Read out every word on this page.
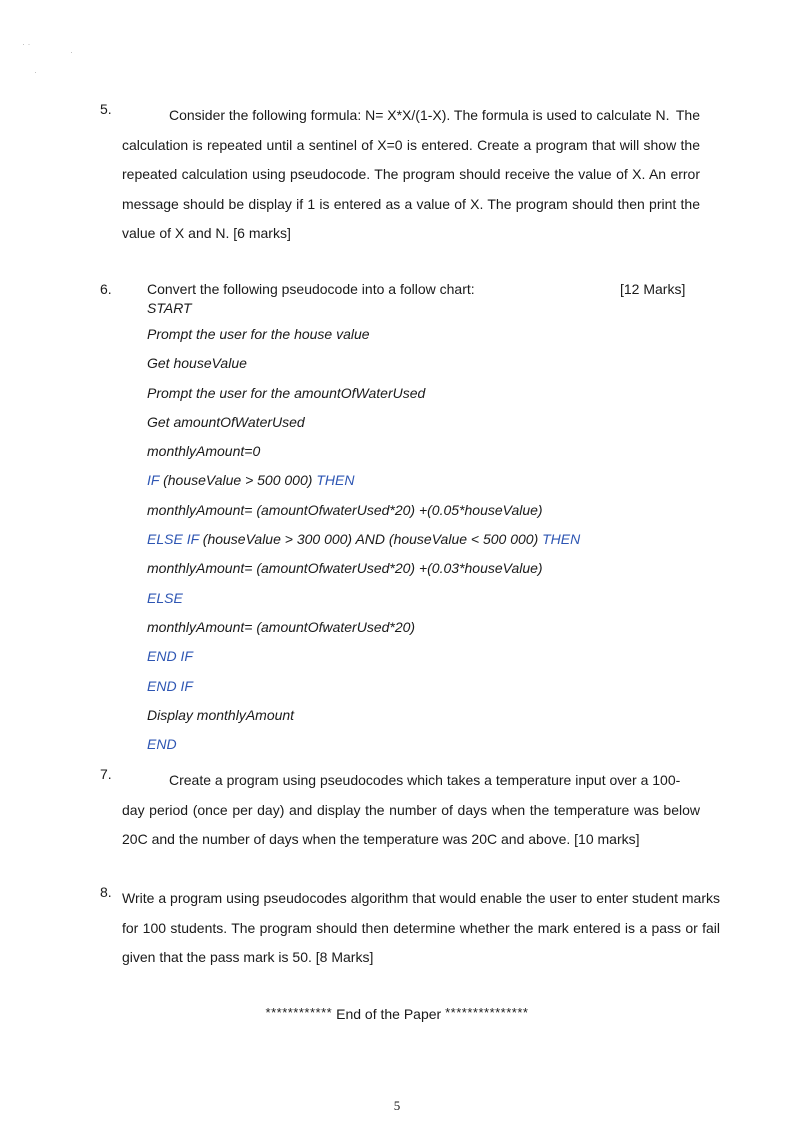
· ·
·
·
5.	Consider the following formula: N= X*X/(1-X). The formula is used to calculate N. The calculation is repeated until a sentinel of X=0 is entered. Create a program that will show the repeated calculation using pseudocode. The program should receive the value of X. An error message should be display if 1 is entered as a value of X. The program should then print the value of X and N. [6 marks]
6.	Convert the following pseudocode into a follow chart:	[12 Marks]
START
Prompt the user for the house value
Get houseValue
Prompt the user for the amountOfWaterUsed
Get amountOfWaterUsed
monthlyAmount=0
IF (houseValue > 500 000) THEN
monthlyAmount= (amountOfwaterUsed*20) +(0.05*houseValue)
ELSE IF (houseValue > 300 000) AND (houseValue < 500 000) THEN
monthlyAmount= (amountOfwaterUsed*20) +(0.03*houseValue)
ELSE
monthlyAmount= (amountOfwaterUsed*20)
END IF
END IF
Display monthlyAmount
END
7.	Create a program using pseudocodes which takes a temperature input over a 100- day period (once per day) and display the number of days when the temperature was below 20C and the number of days when the temperature was 20C and above. [10 marks]
8. Write a program using pseudocodes algorithm that would enable the user to enter student marks for 100 students. The program should then determine whether the mark entered is a pass or fail given that the pass mark is 50. [8 Marks]
************ End of the Paper ***************
5
